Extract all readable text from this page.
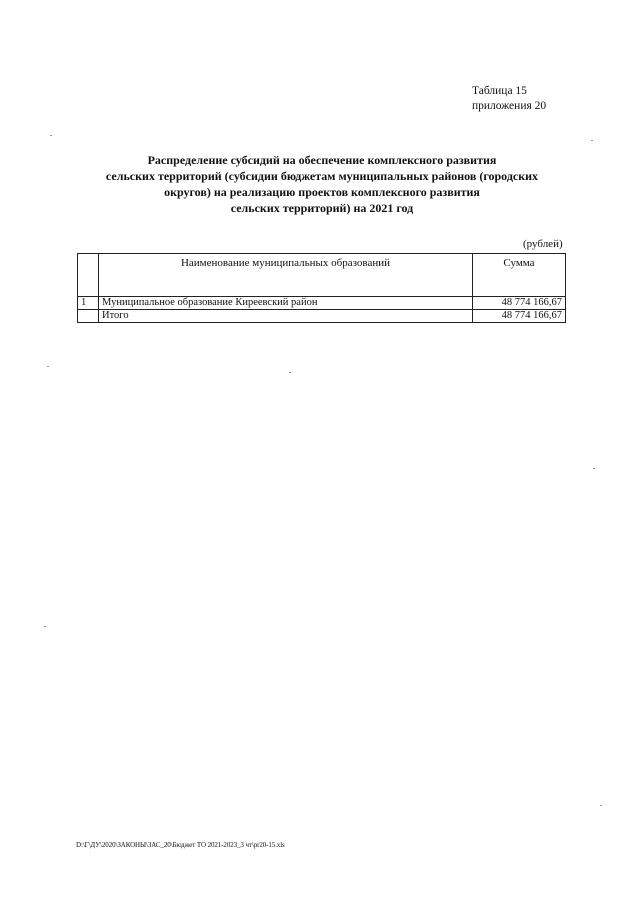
Таблица 15
приложения 20
Распределение субсидий на обеспечение комплексного развития
сельских территорий (субсидии бюджетам муниципальных районов (городских
округов) на реализацию проектов комплексного развития
сельских территорий) на 2021 год
(рублей)
	Наименование муниципальных образований	Сумма
1	Муниципальное образование Киреевский район	48 774 166,67
	Итого	48 774 166,67
D:\Г\ДУ\2020\ЗАКОНЫ\ЗАС_20\Бюджет ТО 2021-2023_3 чт\pr20-15.xls
